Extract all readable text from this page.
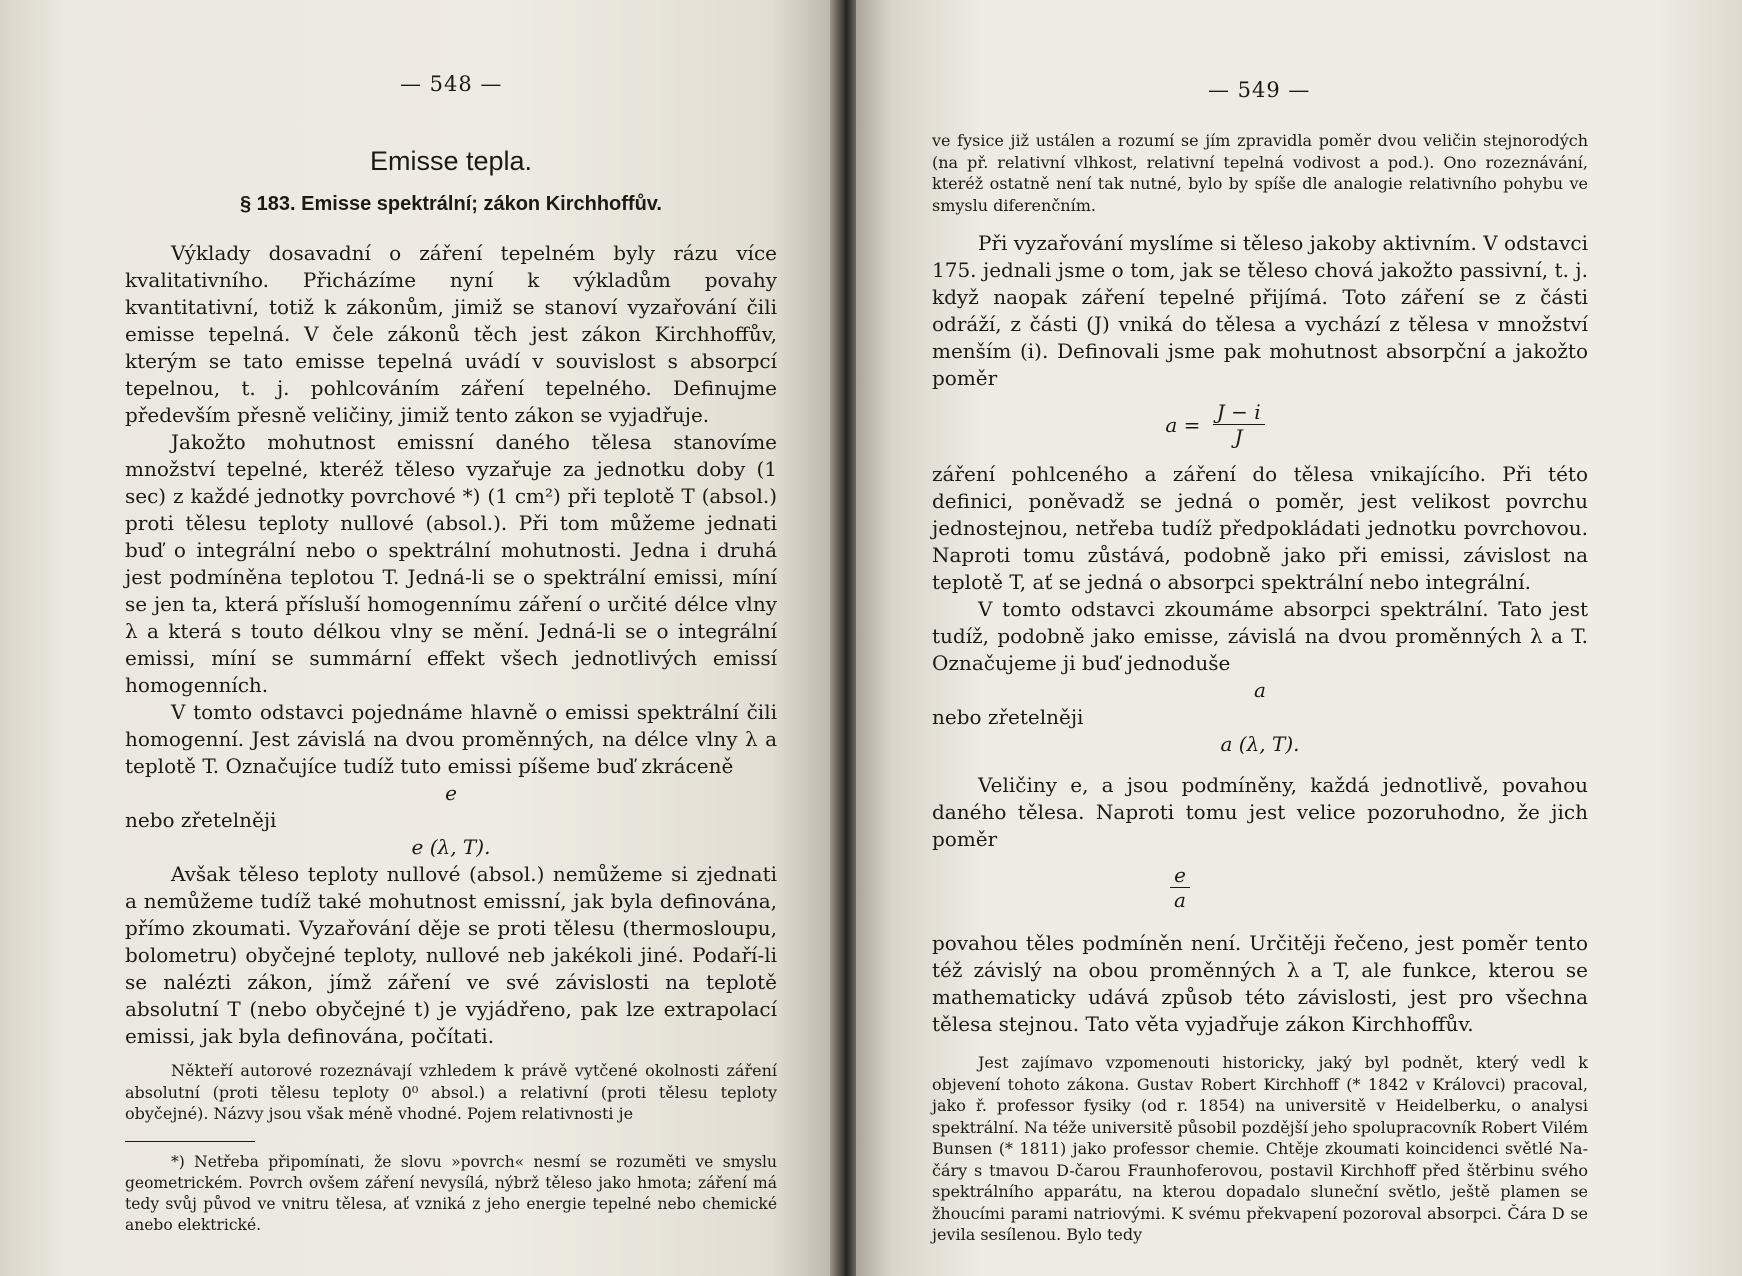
— 548 —
Emisse tepla.
§ 183. Emisse spektrální; zákon Kirchhoffův.

Výklady dosavadní o záření tepelném byly rázu více kvalitativního. Přicházíme nyní k výkladům povahy kvantitativní, totiž k zákonům, jimiž se stanoví vyzařování čili emisse tepelná. V čele zákonů těch jest zákon Kirchhoffův, kterým se tato emisse tepelná uvádí v souvislost s absorpcí tepelnou, t. j. pohlcováním záření tepelného. Definujme především přesně veličiny, jimiž tento zákon se vyjadřuje.

Jakožto mohutnost emissní daného tělesa stanovíme množství tepelné, kteréž těleso vyzařuje za jednotku doby (1 sec) z každé jednotky povrchové *) (1 cm²) při teplotě T (absol.) proti tělesu teploty nullové (absol.). Při tom můžeme jednati buď o integrální nebo o spektrální mohutnosti. Jedna i druhá jest podmíněna teplotou T. Jedná-li se o spektrální emissi, míní se jen ta, která přísluší homogennímu záření o určité délce vlny λ a která s touto délkou vlny se mění. Jedná-li se o integrální emissi, míní se summární effekt všech jednotlivých emissí homogenních.

V tomto odstavci pojednáme hlavně o emissi spektrální čili homogenní. Jest závislá na dvou proměnných, na délce vlny λ a teplotě T. Označujíce tudíž tuto emissi píšeme buď zkráceně

e

nebo zřetelněji

e (λ, T).

Avšak těleso teploty nullové (absol.) nemůžeme si zjednati a nemůžeme tudíž také mohutnost emissní, jak byla definována, přímo zkoumati. Vyzařování děje se proti tělesu (thermosloupu, bolometru) obyčejné teploty, nullové neb jakékoli jiné. Podaří-li se nalézti zákon, jímž záření ve své závislosti na teplotě absolutní T (nebo obyčejné t) je vyjádřeno, pak lze extrapolací emissi, jak byla definována, počítati.

Někteří autorové rozeznávají vzhledem k právě vytčené okolnosti záření absolutní (proti tělesu teploty 0⁰ absol.) a relativní (proti tělesu teploty obyčejné). Názvy jsou však méně vhodné. Pojem relativnosti je

*) Netřeba připomínati, že slovu »povrch« nesmí se rozuměti ve smyslu geometrickém. Povrch ovšem záření nevysílá, nýbrž těleso jako hmota; záření má tedy svůj původ ve vnitru tělesa, ať vzniká z jeho energie tepelné nebo chemické anebo elektrické.

— 549 —

ve fysice již ustálen a rozumí se jím zpravidla poměr dvou veličin stejnorodých (na př. relativní vlhkost, relativní tepelná vodivost a pod.). Ono rozeznávání, kteréž ostatně není tak nutné, bylo by spíše dle analogie relativního pohybu ve smyslu diferenčním.

Při vyzařování myslíme si těleso jakoby aktivním. V odstavci 175. jednali jsme o tom, jak se těleso chová jakožto passivní, t. j. když naopak záření tepelné přijímá. Toto záření se z části odráží, z části (J) vniká do tělesa a vychází z tělesa v množství menším (i). Definovali jsme pak mohutnost absorpční a jakožto poměr

$a = \frac{J - i}{J}$

záření pohlceného a záření do tělesa vnikajícího. Při této definici, poněvadž se jedná o poměr, jest velikost povrchu jednostejnou, netřeba tudíž předpokládati jednotku povrchovou. Naproti tomu zůstává, podobně jako při emissi, závislost na teplotě T, ať se jedná o absorpci spektrální nebo integrální.

V tomto odstavci zkoumáme absorpci spektrální. Tato jest tudíž, podobně jako emisse, závislá na dvou proměnných λ a T. Označujeme ji buď jednoduše

a

nebo zřetelněji

a (λ, T).

Veličiny e, a jsou podmíněny, každá jednotlivě, povahou daného tělesa. Naproti tomu jest velice pozoruhodno, že jich poměr

$\frac{e}{a}$

povahou těles podmíněn není. Určitěji řečeno, jest poměr tento též závislý na obou proměnných λ a T, ale funkce, kterou se mathematicky udává způsob této závislosti, jest pro všechna tělesa stejnou. Tato věta vyjadřuje zákon Kirchhoffův.

Jest zajímavo vzpomenouti historicky, jaký byl podnět, který vedl k objevení tohoto zákona. Gustav Robert Kirchhoff (* 1842 v Královci) pracoval, jako ř. professor fysiky (od r. 1854) na universitě v Heidelberku, o analysi spektrální. Na téže universitě působil pozdější jeho spolupracovník Robert Vilém Bunsen (* 1811) jako professor chemie. Chtěje zkoumati koincidenci světlé Na-čáry s tmavou D-čarou Fraunhoferovou, postavil Kirchhoff před štěrbinu svého spektrálního apparátu, na kterou dopadalo sluneční světlo, ještě plamen se žhoucími parami natriovými. K svému překvapení pozoroval absorpci. Čára D se jevila sesílenou. Bylo tedy
